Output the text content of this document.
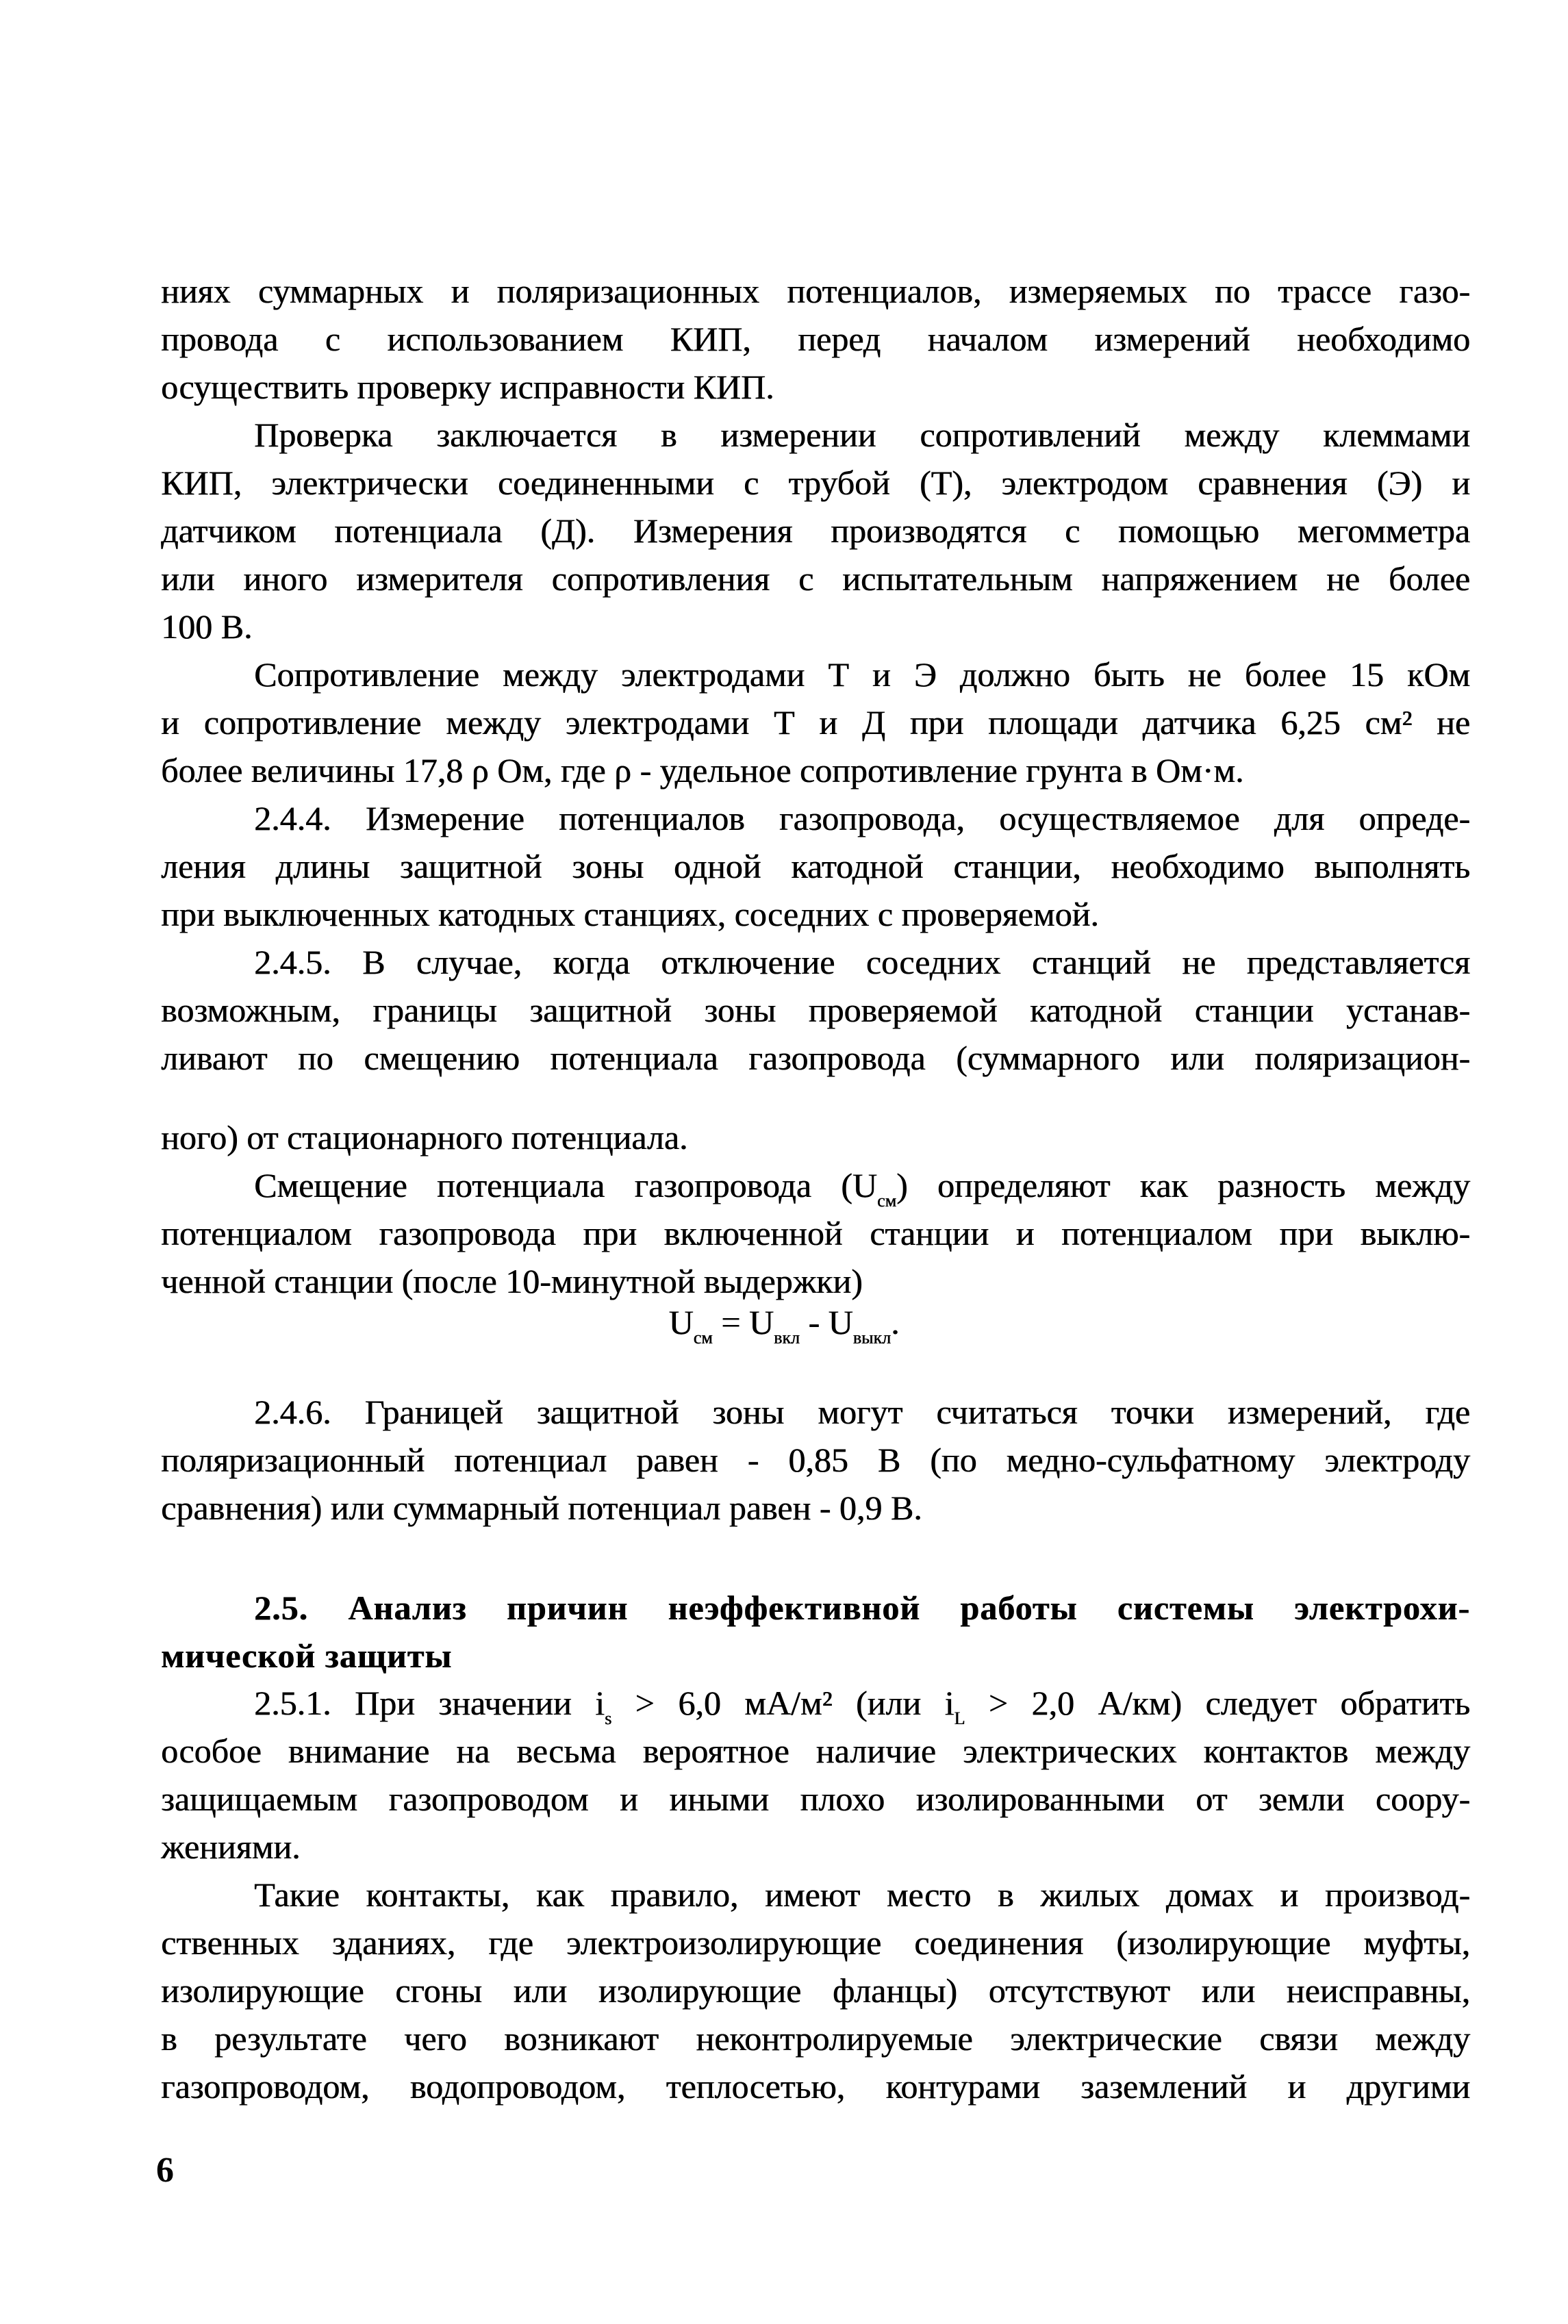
ниях суммарных и поляризационных потенциалов, измеряемых по трассе газо-
провода с использованием КИП, перед началом измерений необходимо
осуществить проверку исправности КИП.
Проверка заключается в измерении сопротивлений между клеммами
КИП, электрически соединенными с трубой (Т), электродом сравнения (Э) и
датчиком потенциала (Д). Измерения производятся с помощью мегомметра
или иного измерителя сопротивления с испытательным напряжением не более
100 В.
Сопротивление между электродами Т и Э должно быть не более 15 кОм
и сопротивление между электродами Т и Д при площади датчика 6,25 см² не
более величины 17,8 ρ Ом, где ρ - удельное сопротивление грунта в Ом·м.
2.4.4. Измерение потенциалов газопровода, осуществляемое для опреде-
ления длины защитной зоны одной катодной станции, необходимо выполнять
при выключенных катодных станциях, соседних с проверяемой.
2.4.5. В случае, когда отключение соседних станций не представляется
возможным, границы защитной зоны проверяемой катодной станции устанав-
ливают по смещению потенциала газопровода (суммарного или поляризацион-
ного) от стационарного потенциала.
Смещение потенциала газопровода $(U_{см})$ определяют как разность между
потенциалом газопровода при включенной станции и потенциалом при выклю-
ченной станции (после 10-минутной выдержки)
2.4.6. Границей защитной зоны могут считаться точки измерений, где
поляризационный потенциал равен - 0,85 В (по медно-сульфатному электроду
сравнения) или суммарный потенциал равен - 0,9 В.
2.5. Анализ причин неэффективной работы системы электрохи-
мической защиты
2.5.1. При значении $i_s > 6,0$ мА/м² (или $i_L > 2,0$ А/км) следует обратить
особое внимание на весьма вероятное наличие электрических контактов между
защищаемым газопроводом и иными плохо изолированными от земли соору-
жениями.
Такие контакты, как правило, имеют место в жилых домах и производ-
ственных зданиях, где электроизолирующие соединения (изолирующие муфты,
изолирующие сгоны или изолирующие фланцы) отсутствуют или неисправны,
в результате чего возникают неконтролируемые электрические связи между
газопроводом, водопроводом, теплосетью, контурами заземлений и другими
$U_{см} = U_{вкл} - U_{выкл}$.
6
